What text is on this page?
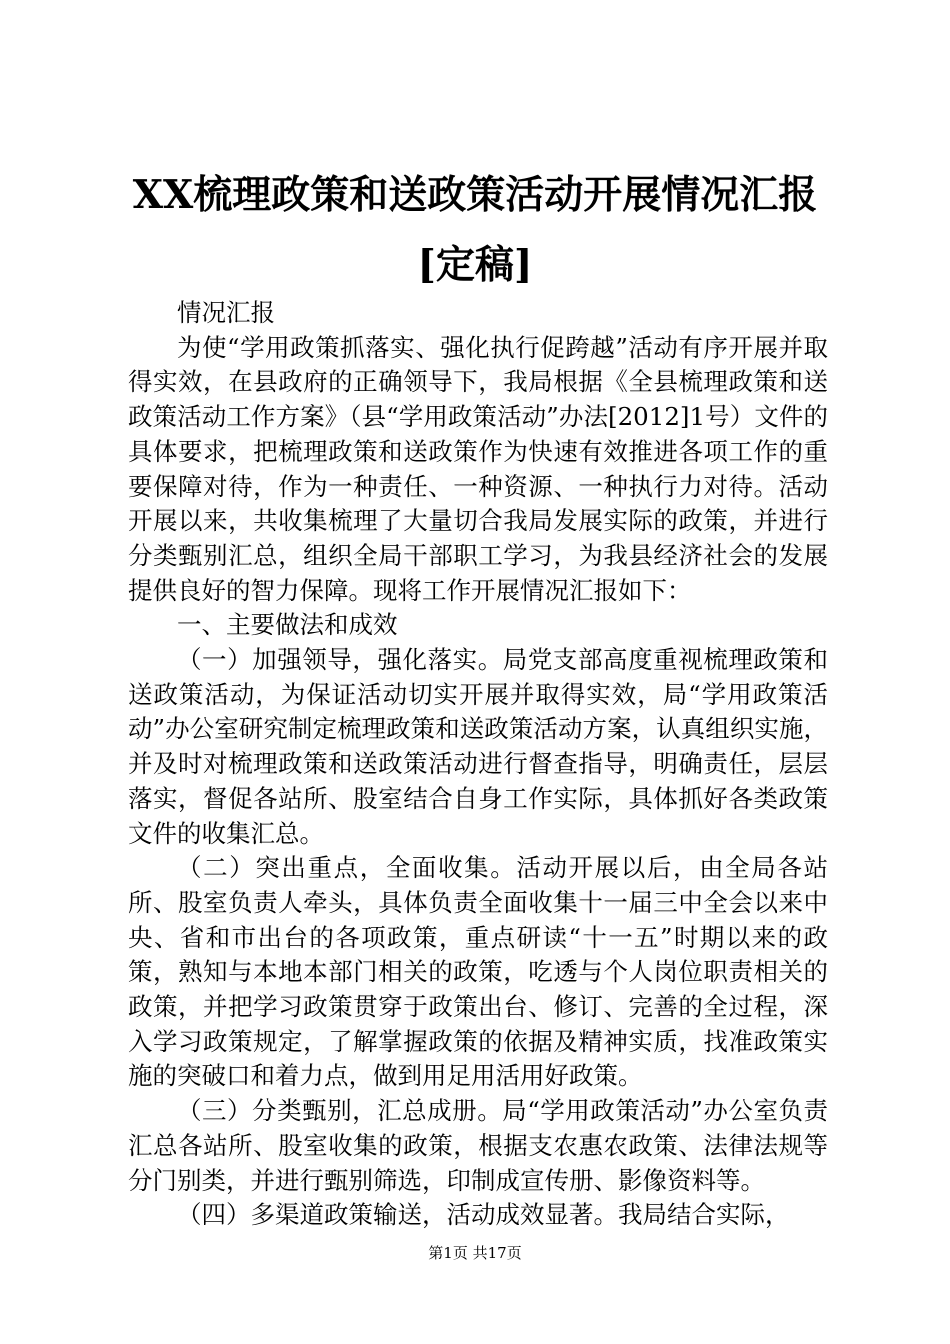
XX梳理政策和送政策活动开展情况汇报[定稿]

情况汇报

为使“学用政策抓落实、强化执行促跨越”活动有序开展并取得实效，在县政府的正确领导下，我局根据《全县梳理政策和送政策活动工作方案》（县“学用政策活动”办法[2012]1号）文件的具体要求，把梳理政策和送政策作为快速有效推进各项工作的重要保障对待，作为一种责任、一种资源、一种执行力对待。活动开展以来，共收集梳理了大量切合我局发展实际的政策，并进行分类甄别汇总，组织全局干部职工学习，为我县经济社会的发展提供良好的智力保障。现将工作开展情况汇报如下：

一、主要做法和成效

（一）加强领导，强化落实。局党支部高度重视梳理政策和送政策活动，为保证活动切实开展并取得实效，局“学用政策活动”办公室研究制定梳理政策和送政策活动方案，认真组织实施，并及时对梳理政策和送政策活动进行督查指导，明确责任，层层落实，督促各站所、股室结合自身工作实际，具体抓好各类政策文件的收集汇总。

（二）突出重点，全面收集。活动开展以后，由全局各站所、股室负责人牵头，具体负责全面收集十一届三中全会以来中央、省和市出台的各项政策，重点研读“十一五”时期以来的政策，熟知与本地本部门相关的政策，吃透与个人岗位职责相关的政策，并把学习政策贯穿于政策出台、修订、完善的全过程，深入学习政策规定，了解掌握政策的依据及精神实质，找准政策实施的突破口和着力点，做到用足用活用好政策。

（三）分类甄别，汇总成册。局“学用政策活动”办公室负责汇总各站所、股室收集的政策，根据支农惠农政策、法律法规等分门别类，并进行甄别筛选，印制成宣传册、影像资料等。

（四）多渠道政策输送，活动成效显著。我局结合实际，

第1页 共17页
